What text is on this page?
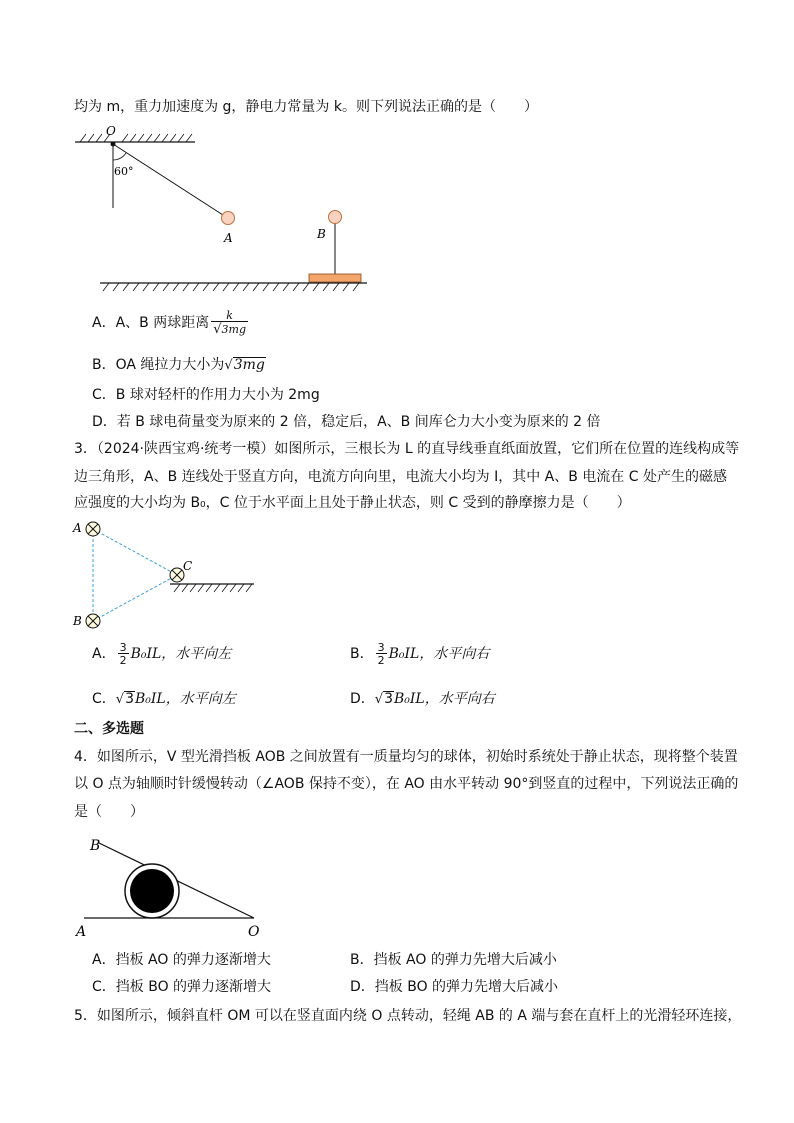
均为 m，重力加速度为 g，静电力常量为 k。则下列说法正确的是（　　）
O
60°
A	B
A．A、B 两球距离 $\frac{k}{√3mg}$
B．OA 绳拉力大小为√3mg
C．B 球对轻杆的作用力大小为 2mg
D．若 B 球电荷量变为原来的 2 倍，稳定后，A、B 间库仑力大小变为原来的 2 倍
3．（2024·陕西宝鸡·统考一模）如图所示，三根长为 L 的直导线垂直纸面放置，它们所在位置的连线构成等
边三角形，A、B 连线处于竖直方向，电流方向向里，电流大小均为 I，其中 A、B 电流在 C 处产生的磁感
应强度的大小均为 B₀，C 位于水平面上且处于静止状态，则 C 受到的静摩擦力是（　　）
A
B
C
A． $\frac{3}{2} B_0IL$，水平向左	B． $\frac{3}{2} B_0IL$，水平向右
C．√3B₀IL，水平向左	D．√3B₀IL，水平向右
二、多选题
4．如图所示，V 型光滑挡板 AOB 之间放置有一质量均匀的球体，初始时系统处于静止状态，现将整个装置
以 O 点为轴顺时针缓慢转动（∠AOB 保持不变），在 AO 由水平转动 90°到竖直的过程中，下列说法正确的
是（　　）
B
A	O
A．挡板 AO 的弹力逐渐增大	B．挡板 AO 的弹力先增大后减小
C．挡板 BO 的弹力逐渐增大	D．挡板 BO 的弹力先增大后减小
5．如图所示，倾斜直杆 OM 可以在竖直面内绕 O 点转动，轻绳 AB 的 A 端与套在直杆上的光滑轻环连接，
